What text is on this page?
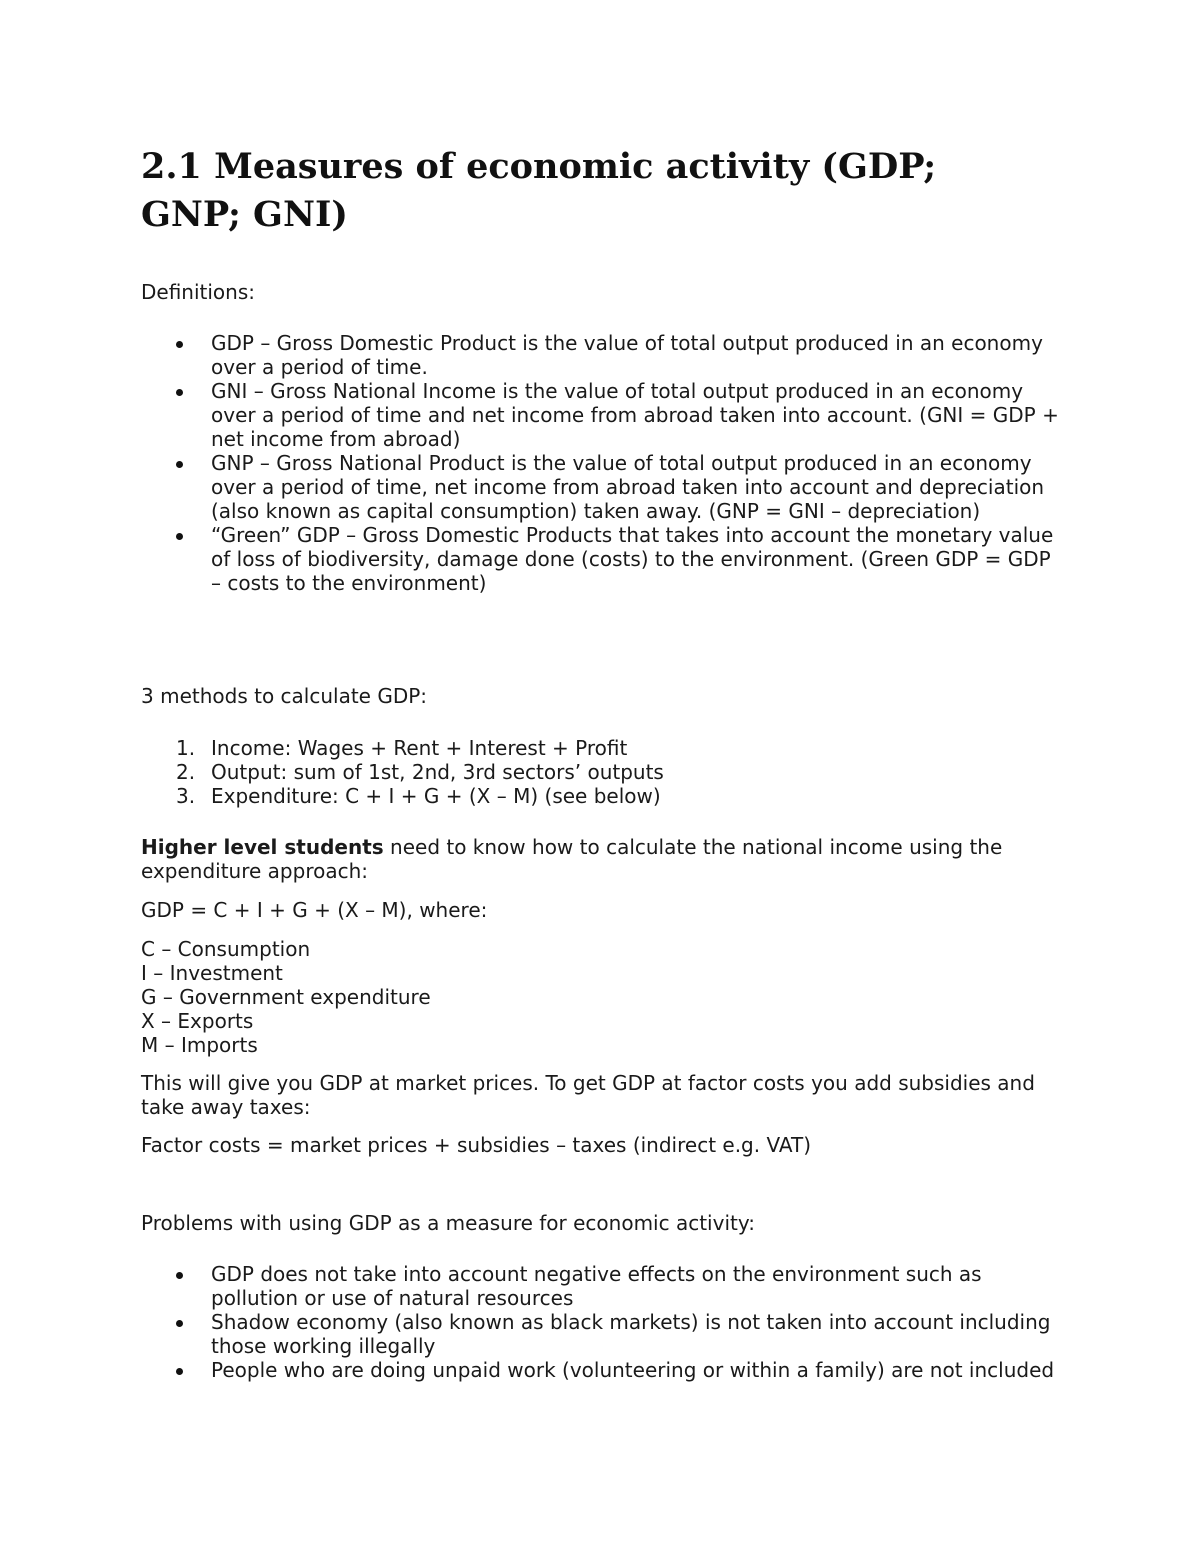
2.1 Measures of economic activity (GDP; GNP; GNI)

Definitions:

GDP – Gross Domestic Product is the value of total output produced in an economy over a period of time.
GNI – Gross National Income is the value of total output produced in an economy over a period of time and net income from abroad taken into account. (GNI = GDP + net income from abroad)
GNP – Gross National Product is the value of total output produced in an economy over a period of time, net income from abroad taken into account and depreciation (also known as capital consumption) taken away. (GNP = GNI – depreciation)
“Green” GDP – Gross Domestic Products that takes into account the monetary value of loss of biodiversity, damage done (costs) to the environment. (Green GDP = GDP – costs to the environment)

3 methods to calculate GDP:

1. Income: Wages + Rent + Interest + Profit
2. Output: sum of 1st, 2nd, 3rd sectors’ outputs
3. Expenditure: C + I + G + (X – M) (see below)

Higher level students need to know how to calculate the national income using the expenditure approach:

GDP = C + I + G + (X – M), where:

C – Consumption
I – Investment
G – Government expenditure
X – Exports
M – Imports

This will give you GDP at market prices. To get GDP at factor costs you add subsidies and take away taxes:

Factor costs = market prices + subsidies – taxes (indirect e.g. VAT)

Problems with using GDP as a measure for economic activity:

GDP does not take into account negative effects on the environment such as pollution or use of natural resources
Shadow economy (also known as black markets) is not taken into account including those working illegally
People who are doing unpaid work (volunteering or within a family) are not included
